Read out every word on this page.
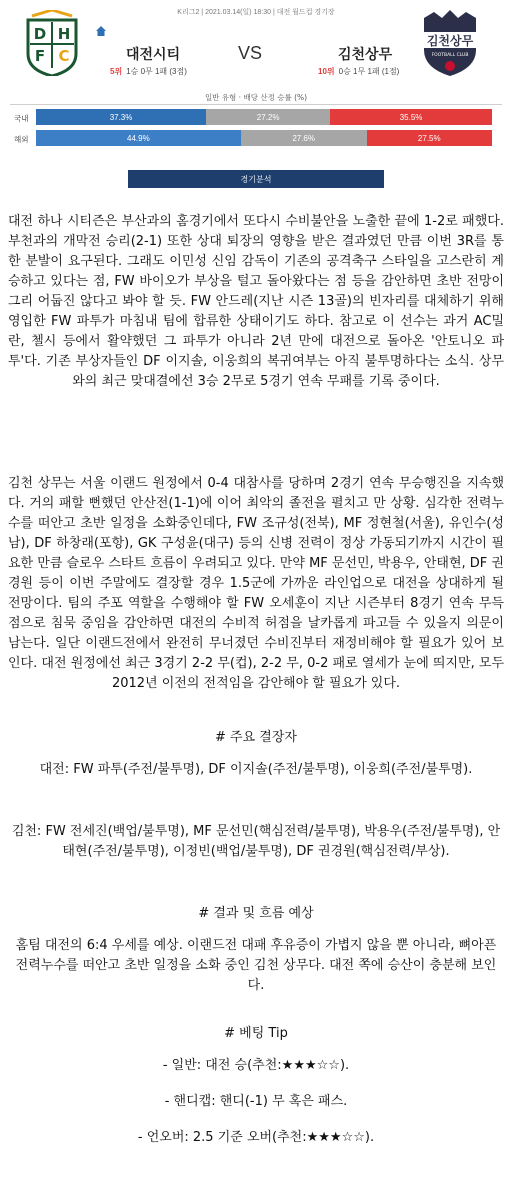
K리그2 | 2021.03.14(일) 18:30 | 대전 월드컵 경기장
D H
F C	대전시티	VS	김천상무
5위 1승 0무 1패 (3점)	10위 0승 1무 1패 (1점)
김천상무
FOOTBALL CLUB
일반 유형 · 배당 산정 승률 (%)
국내	37.3%	27.2%	35.5%
해외	44.9%	27.6%	27.5%
경기분석
대전 하나 시티즌은 부산과의 홈경기에서 또다시 수비불안을 노출한 끝에 1-2로 패했다. 부천과의 개막전 승리(2-1) 또한 상대 퇴장의 영향을 받은 결과였던 만큼 이번 3R를 통한 분발이 요구된다. 그래도 이민성 신임 감독이 기존의 공격축구 스타일을 고스란히 계승하고 있다는 점, FW 바이오가 부상을 털고 돌아왔다는 점 등을 감안하면 초반 전망이 그리 어둡진 않다고 봐야 할 듯. FW 안드레(지난 시즌 13골)의 빈자리를 대체하기 위해 영입한 FW 파투가 마침내 팀에 합류한 상태이기도 하다. 참고로 이 선수는 과거 AC밀란, 첼시 등에서 활약했던 그 파투가 아니라 2년 만에 대전으로 돌아온 '안토니오 파투'다. 기존 부상자들인 DF 이지솔, 이웅희의 복귀여부는 아직 불투명하다는 소식. 상무와의 최근 맞대결에선 3승 2무로 5경기 연속 무패를 기록 중이다.
김천 상무는 서울 이랜드 원정에서 0-4 대참사를 당하며 2경기 연속 무승행진을 지속했다. 거의 패할 뻔했던 안산전(1-1)에 이어 최악의 졸전을 펼치고 만 상황. 심각한 전력누수를 떠안고 초반 일정을 소화중인데다, FW 조규성(전북), MF 정현철(서울), 유인수(성남), DF 하창래(포항), GK 구성윤(대구) 등의 신병 전력이 정상 가동되기까지 시간이 필요한 만큼 슬로우 스타트 흐름이 우려되고 있다. 만약 MF 문선민, 박용우, 안태현, DF 권경원 등이 이번 주말에도 결장할 경우 1.5군에 가까운 라인업으로 대전을 상대하게 될 전망이다. 팀의 주포 역할을 수행해야 할 FW 오세훈이 지난 시즌부터 8경기 연속 무득점으로 침묵 중임을 감안하면 대전의 수비적 허점을 날카롭게 파고들 수 있을지 의문이 남는다. 일단 이랜드전에서 완전히 무너졌던 수비진부터 재정비해야 할 필요가 있어 보인다. 대전 원정에선 최근 3경기 2-2 무(컵), 2-2 무, 0-2 패로 열세가 눈에 띄지만, 모두 2012년 이전의 전적임을 감안해야 할 필요가 있다.
# 주요 결장자
대전: FW 파투(주전/불투명), DF 이지솔(주전/불투명), 이웅희(주전/불투명).
김천: FW 전세진(백업/불투명), MF 문선민(핵심전력/불투명), 박용우(주전/불투명), 안태현(주전/불투명), 이정빈(백업/불투명), DF 권경원(핵심전력/부상).
# 결과 및 흐름 예상
홈팀 대전의 6:4 우세를 예상. 이랜드전 대패 후유증이 가볍지 않을 뿐 아니라, 뼈아픈 전력누수를 떠안고 초반 일정을 소화 중인 김천 상무다. 대전 쪽에 승산이 충분해 보인다.
# 베팅 Tip
- 일반: 대전 승(추천:★★★☆☆).
- 핸디캡: 핸디(-1) 무 혹은 패스.
- 언오버: 2.5 기준 오버(추천:★★★☆☆).
